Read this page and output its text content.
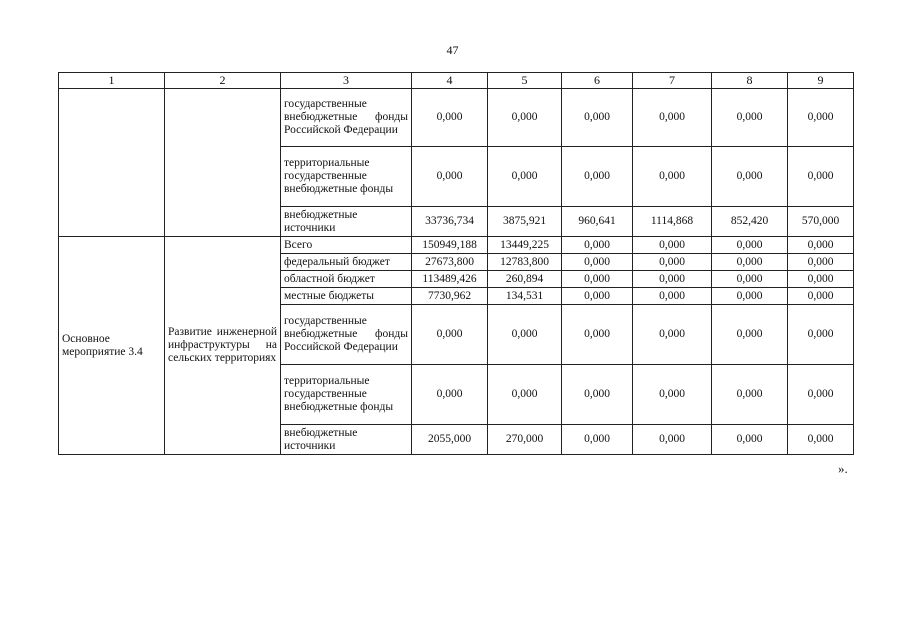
47
1	2	3	4	5	6	7	8	9
		государственные внебюджетные фонды Российской Федерации	0,000	0,000	0,000	0,000	0,000	0,000
		территориальные государственные внебюджетные фонды	0,000	0,000	0,000	0,000	0,000	0,000
		внебюджетные источники	33736,734	3875,921	960,641	1114,868	852,420	570,000
Основное мероприятие 3.4	Развитие инженерной инфраструктуры на сельских территориях	Всего	150949,188	13449,225	0,000	0,000	0,000	0,000
		федеральный бюджет	27673,800	12783,800	0,000	0,000	0,000	0,000
		областной бюджет	113489,426	260,894	0,000	0,000	0,000	0,000
		местные бюджеты	7730,962	134,531	0,000	0,000	0,000	0,000
		государственные внебюджетные фонды Российской Федерации	0,000	0,000	0,000	0,000	0,000	0,000
		территориальные государственные внебюджетные фонды	0,000	0,000	0,000	0,000	0,000	0,000
		внебюджетные источники	2055,000	270,000	0,000	0,000	0,000	0,000
».
